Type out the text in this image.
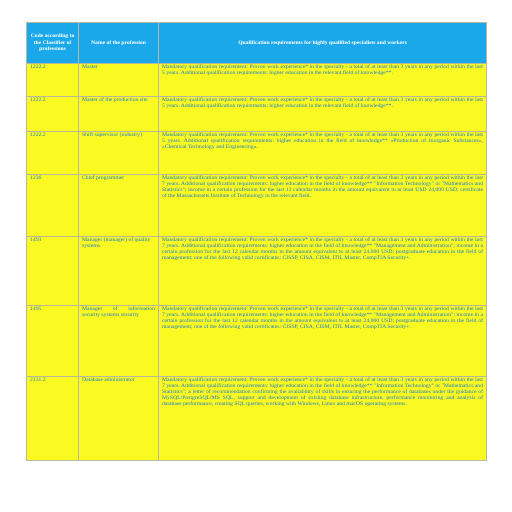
Code according to the Classifier of professions	Name of the profession	Qualification requirements for highly qualified specialists and workers
1222.2	Master	Mandatory qualification requirement: Proven work experience* in the specialty - a total of at least than 3 years in any period within the last 5 years. Additional qualification requirements: higher education in the relevant field of knowledge**.
1222.2	Master of the production site	Mandatory qualification requirement: Proven work experience* in the specialty - a total of at least than 3 years in any period within the last 5 years. Additional qualification requirements: higher education in the relevant field of knowledge**.
1222.2	Shift supervisor (industry)	Mandatory qualification requirement: Proven work experience* in the specialty - a total of at least than 3 years in any period within the last 5 years. Additional qualification requirements: higher education in the field of knowledge** «Production of Inorganic Substances», «Chemical Technology and Engineering».
1236	Chief programmer	Mandatory qualification requirement: Proven work experience* in the specialty - a total of at least than 3 years in any period within the last 7 years. Additional qualification requirements: higher education in the field of knowledge** "Information Technology" or "Mathematics and Statistics"; income in a certain profession for the last 12 calendar months in the amount equivalent to at least USD 24,000 USD; certificate of the Massachusetts Institute of Technology in the relevant field.
1493	Manager (manager) of quality systems	Mandatory qualification requirement: Proven work experience* in the specialty - a total of at least than 3 years in any period within the last 7 years. Additional qualification requirements: higher education in the field of knowledge** "Management and Administration"; income in a certain profession for the last 12 calendar months in the amount equivalent to at least 24,000 USD; postgraduate education in the field of management; one of the following valid certificates: CISSP, CISA, CISM, ITIL Master, CompTIA Security+.
1495	Manager of information security systems security	Mandatory qualification requirement: Proven work experience* in the specialty - a total of at least than 3 years in any period within the last 7 years. Additional qualification requirements: higher education in the field of knowledge** "Management and Administration"; income in a certain profession for the last 12 calendar months in the amount equivalent to at least 24,000 USD; postgraduate education in the field of management; one of the following valid certificates: CISSP, CISA, CISM, ITIL Master, CompTIA Security+.
2131.2	Database administrator	Mandatory qualification requirement: Proven work experience* in the specialty - a total of at least than 3 years in any period within the last 7 years. Additional qualification requirements: higher education in the field of knowledge** "Information Technology" or "Mathematics and Statistics"; a letter of recommendation confirming the availability of skills in ensuring the performance of databases under the guidance of MySQL/PostgreSQL/MS SQL, support and development of existing database infrastructure, performance monitoring and analysis of database performance, creating SQL queries, working with Windows, Linux and macOS operating systems.
